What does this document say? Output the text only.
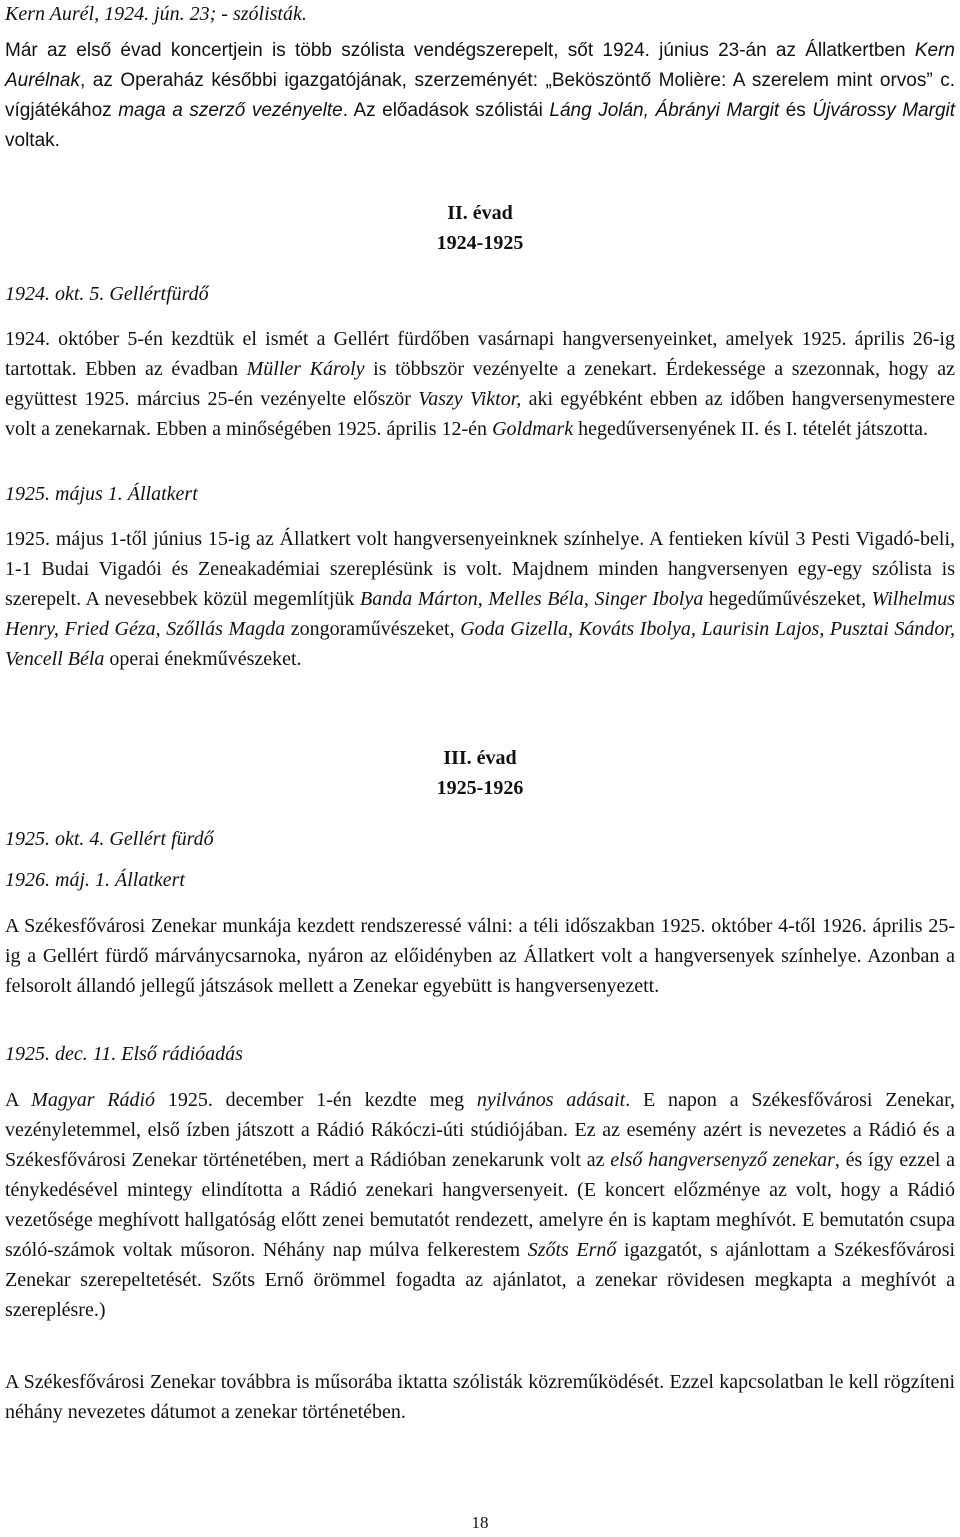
Kern Aurél, 1924. jún. 23; - szólisták.

Már az első évad koncertjein is több szólista vendégszerepelt, sőt 1924. június 23-án az Állatkertben Kern Aurélnak, az Operaház későbbi igazgatójának, szerzeményét: „Beköszöntő Molière: A szerelem mint orvos” c. vígjátékához maga a szerző vezényelte. Az előadások szólistái Láng Jolán, Ábrányi Margit és Újvárossy Margit voltak.

II. évad
1924-1925
1924. okt. 5. Gellértfürdő

1924. október 5-én kezdtük el ismét a Gellért fürdőben vasárnapi hangversenyeinket, amelyek 1925. április 26-ig tartottak. Ebben az évadban Müller Károly is többször vezényelte a zenekart. Érdekessége a szezonnak, hogy az együttest 1925. március 25-én vezényelte először Vaszy Viktor, aki egyébként ebben az időben hangversenymestere volt a zenekarnak. Ebben a minőségében 1925. április 12-én Goldmark hegedűversenyének II. és I. tételét játszotta.

1925. május 1. Állatkert

1925. május 1-től június 15-ig az Állatkert volt hangversenyeinknek színhelye. A fentieken kívül 3 Pesti Vigadó-beli, 1-1 Budai Vigadói és Zeneakadémiai szereplésünk is volt. Majdnem minden hangversenyen egy-egy szólista is szerepelt. A nevesebbek közül megemlítjük Banda Márton, Melles Béla, Singer Ibolya hegedűművészeket, Wilhelmus Henry, Fried Géza, Szőllás Magda zongoraművészeket, Goda Gizella, Kováts Ibolya, Laurisin Lajos, Pusztai Sándor, Vencell Béla operai énekművészeket.

III. évad
1925-1926
1925. okt. 4. Gellért fürdő
1926. máj. 1. Állatkert

A Székesfővárosi Zenekar munkája kezdett rendszeressé válni: a téli időszakban 1925. október 4-től 1926. április 25-ig a Gellért fürdő márványcsarnoka, nyáron az előidényben az Állatkert volt a hangversenyek színhelye. Azonban a felsorolt állandó jellegű játszások mellett a Zenekar egyebütt is hangversenyezett.

1925. dec. 11. Első rádióadás

A Magyar Rádió 1925. december 1-én kezdte meg nyilvános adásait. E napon a Székesfővárosi Zenekar, vezényletemmel, első ízben játszott a Rádió Rákóczi-úti stúdiójában. Ez az esemény azért is nevezetes a Rádió és a Székesfővárosi Zenekar történetében, mert a Rádióban zenekarunk volt az első hangversenyző zenekar, és így ezzel a ténykedésével mintegy elindította a Rádió zenekari hangversenyeit. (E koncert előzménye az volt, hogy a Rádió vezetősége meghívott hallgatóság előtt zenei bemutatót rendezett, amelyre én is kaptam meghívót. E bemutatón csupa szóló-számok voltak műsoron. Néhány nap múlva felkerestem Szőts Ernő igazgatót, s ajánlottam a Székesfővárosi Zenekar szerepeltetését. Szőts Ernő örömmel fogadta az ajánlatot, a zenekar rövidesen megkapta a meghívót a szereplésre.)

A Székesfővárosi Zenekar továbbra is műsorába iktatta szólisták közreműködését. Ezzel kapcsolatban le kell rögzíteni néhány nevezetes dátumot a zenekar történetében.

18
